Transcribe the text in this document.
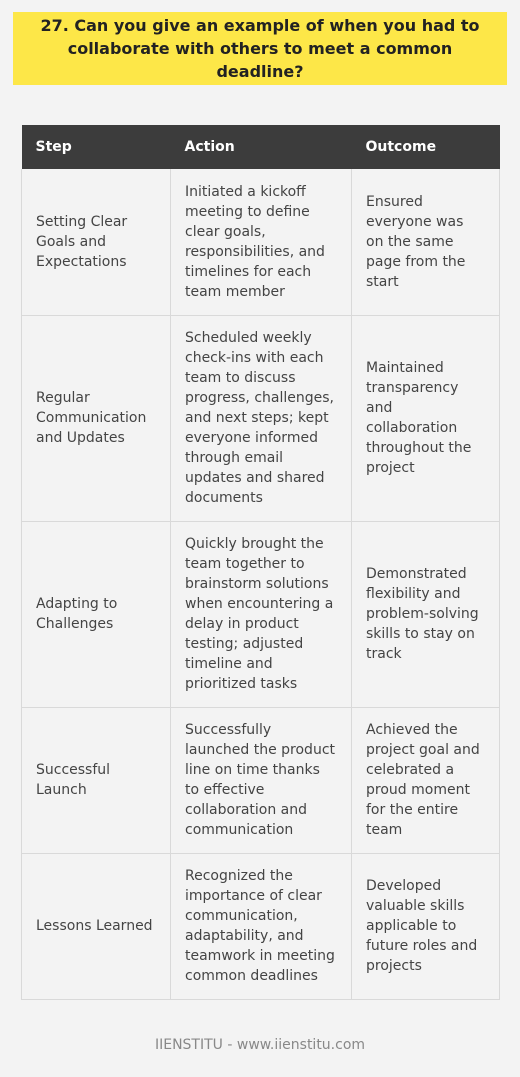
27. Can you give an example of when you had to collaborate with others to meet a common deadline?
Step	Action	Outcome
Setting Clear Goals and Expectations	Initiated a kickoff meeting to define clear goals, responsibilities, and timelines for each team member	Ensured everyone was on the same page from the start
Regular Communication and Updates	Scheduled weekly check-ins with each team to discuss progress, challenges, and next steps; kept everyone informed through email updates and shared documents	Maintained transparency and collaboration throughout the project
Adapting to Challenges	Quickly brought the team together to brainstorm solutions when encountering a delay in product testing; adjusted timeline and prioritized tasks	Demonstrated flexibility and problem-solving skills to stay on track
Successful Launch	Successfully launched the product line on time thanks to effective collaboration and communication	Achieved the project goal and celebrated a proud moment for the entire team
Lessons Learned	Recognized the importance of clear communication, adaptability, and teamwork in meeting common deadlines	Developed valuable skills applicable to future roles and projects
IIENSTITU - www.iienstitu.com
